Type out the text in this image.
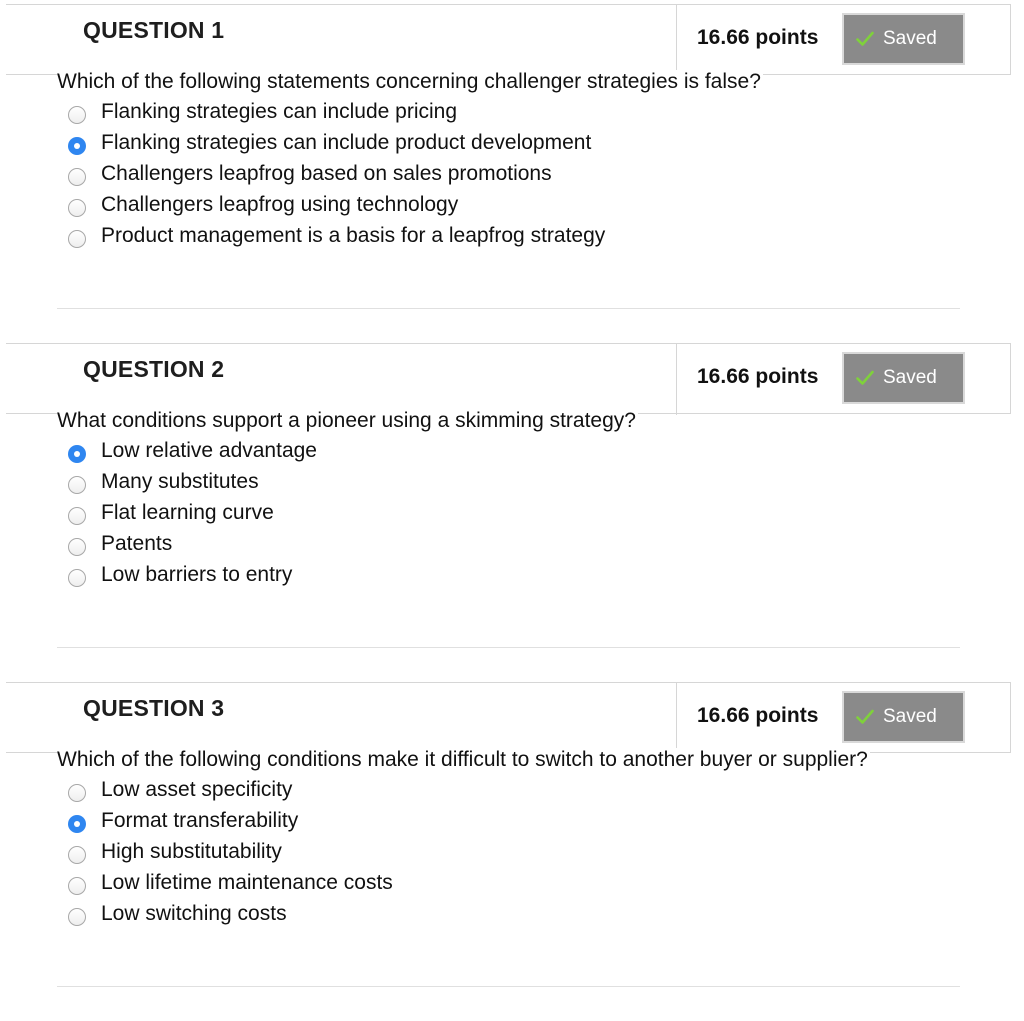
QUESTION 1	16.66 points	Saved
Which of the following statements concerning challenger strategies is false?
Flanking strategies can include pricing
Flanking strategies can include product development
Challengers leapfrog based on sales promotions
Challengers leapfrog using technology
Product management is a basis for a leapfrog strategy
QUESTION 2	16.66 points	Saved
What conditions support a pioneer using a skimming strategy?
Low relative advantage
Many substitutes
Flat learning curve
Patents
Low barriers to entry
QUESTION 3	16.66 points	Saved
Which of the following conditions make it difficult to switch to another buyer or supplier?
Low asset specificity
Format transferability
High substitutability
Low lifetime maintenance costs
Low switching costs
